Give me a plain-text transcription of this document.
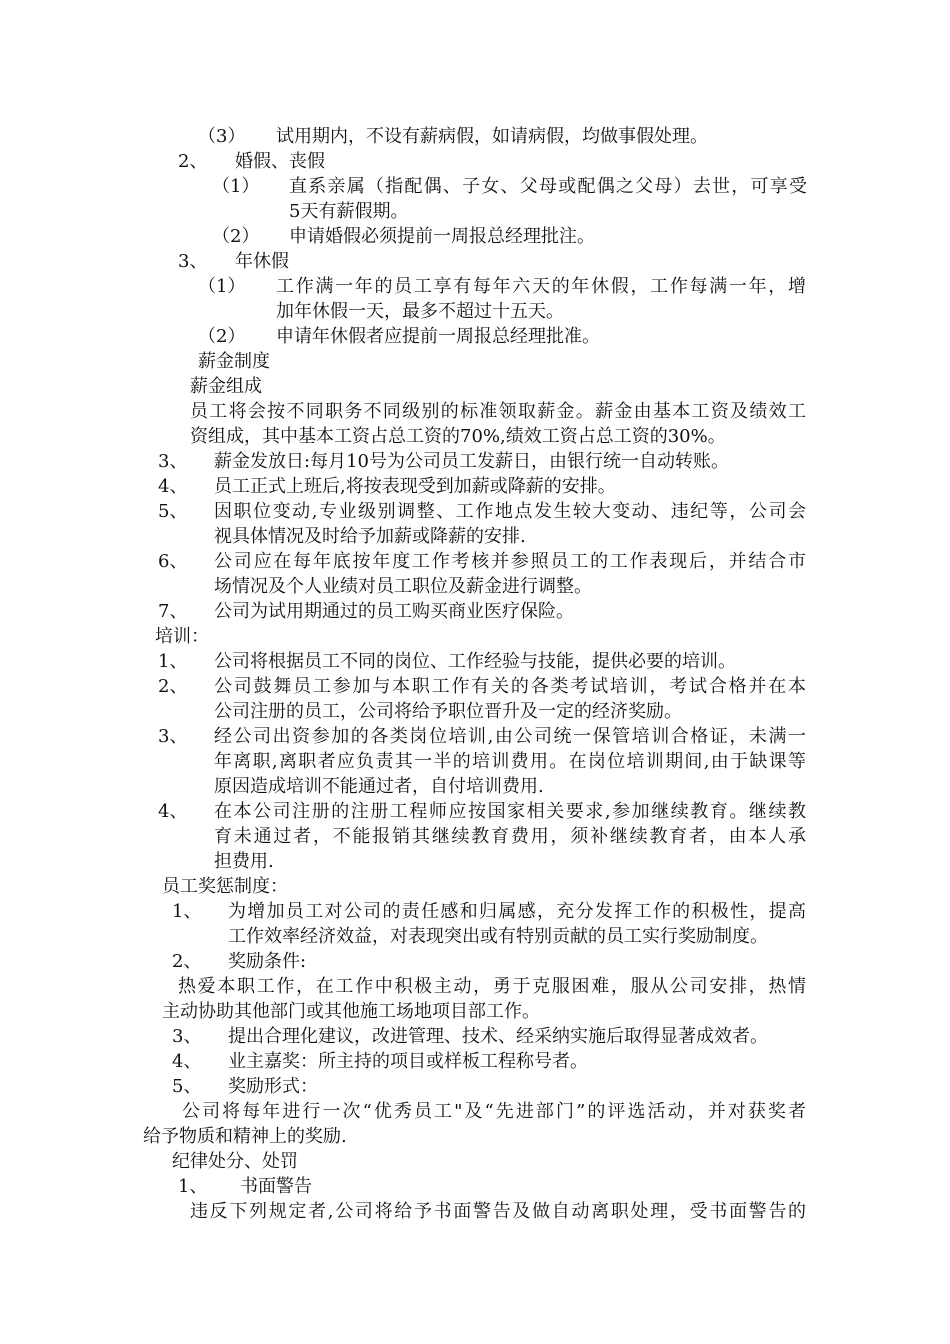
（3） 试用期内，不设有薪病假，如请病假，均做事假处理。
2、 婚假、丧假
（1） 直系亲属（指配偶、子女、父母或配偶之父母）去世，可享受
5天有薪假期。
（2） 申请婚假必须提前一周报总经理批注。
3、 年休假
（1） 工作满一年的员工享有每年六天的年休假，工作每满一年，增
加年休假一天，最多不超过十五天。
（2） 申请年休假者应提前一周报总经理批准。
薪金制度
薪金组成
员工将会按不同职务不同级别的标准领取薪金。薪金由基本工资及绩效工
资组成，其中基本工资占总工资的70%,绩效工资占总工资的30%。
3、 薪金发放日:每月10号为公司员工发薪日，由银行统一自动转账。
4、 员工正式上班后,将按表现受到加薪或降薪的安排。
5、 因职位变动,专业级别调整、工作地点发生较大变动、违纪等，公司会
视具体情况及时给予加薪或降薪的安排.
6、 公司应在每年底按年度工作考核并参照员工的工作表现后，并结合市
场情况及个人业绩对员工职位及薪金进行调整。
7、 公司为试用期通过的员工购买商业医疗保险。
培训：
1、 公司将根据员工不同的岗位、工作经验与技能，提供必要的培训。
2、 公司鼓舞员工参加与本职工作有关的各类考试培训，考试合格并在本
公司注册的员工，公司将给予职位晋升及一定的经济奖励。
3、 经公司出资参加的各类岗位培训,由公司统一保管培训合格证，未满一
年离职,离职者应负责其一半的培训费用。在岗位培训期间,由于缺课等
原因造成培训不能通过者，自付培训费用.
4、 在本公司注册的注册工程师应按国家相关要求,参加继续教育。继续教
育未通过者，不能报销其继续教育费用，须补继续教育者，由本人承
担费用.
员工奖惩制度：
1、 为增加员工对公司的责任感和归属感，充分发挥工作的积极性，提高
工作效率经济效益，对表现突出或有特别贡献的员工实行奖励制度。
2、 奖励条件:
热爱本职工作，在工作中积极主动，勇于克服困难，服从公司安排，热情
主动协助其他部门或其他施工场地项目部工作。
3、 提出合理化建议，改进管理、技术、经采纳实施后取得显著成效者。
4、 业主嘉奖：所主持的项目或样板工程称号者。
5、 奖励形式：
公司将每年进行一次“优秀员工"及“先进部门”的评选活动，并对获奖者
给予物质和精神上的奖励.
纪律处分、处罚
1、 书面警告
违反下列规定者,公司将给予书面警告及做自动离职处理，受书面警告的
